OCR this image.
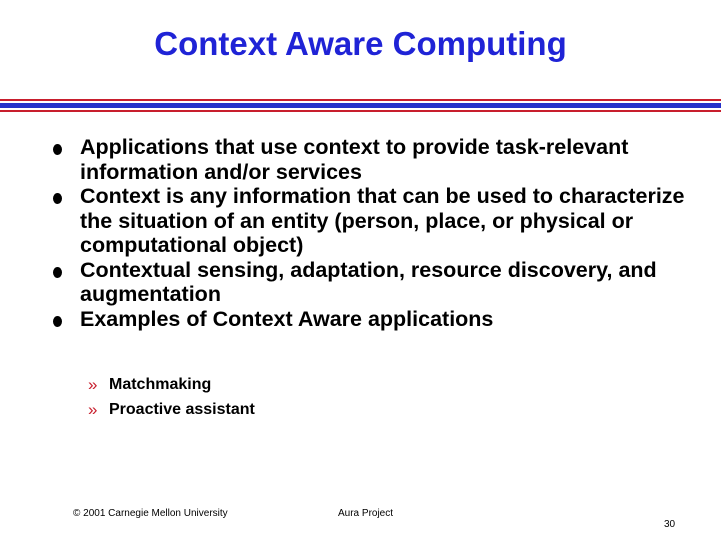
Context Aware Computing
Applications that use context to provide task-relevant information and/or services
Context is any information that can be used to characterize the situation of an entity (person, place, or physical or computational object)
Contextual sensing, adaptation, resource discovery, and augmentation
Examples of Context Aware applications
» Matchmaking
» Proactive assistant
© 2001 Carnegie Mellon University	Aura Project
30
